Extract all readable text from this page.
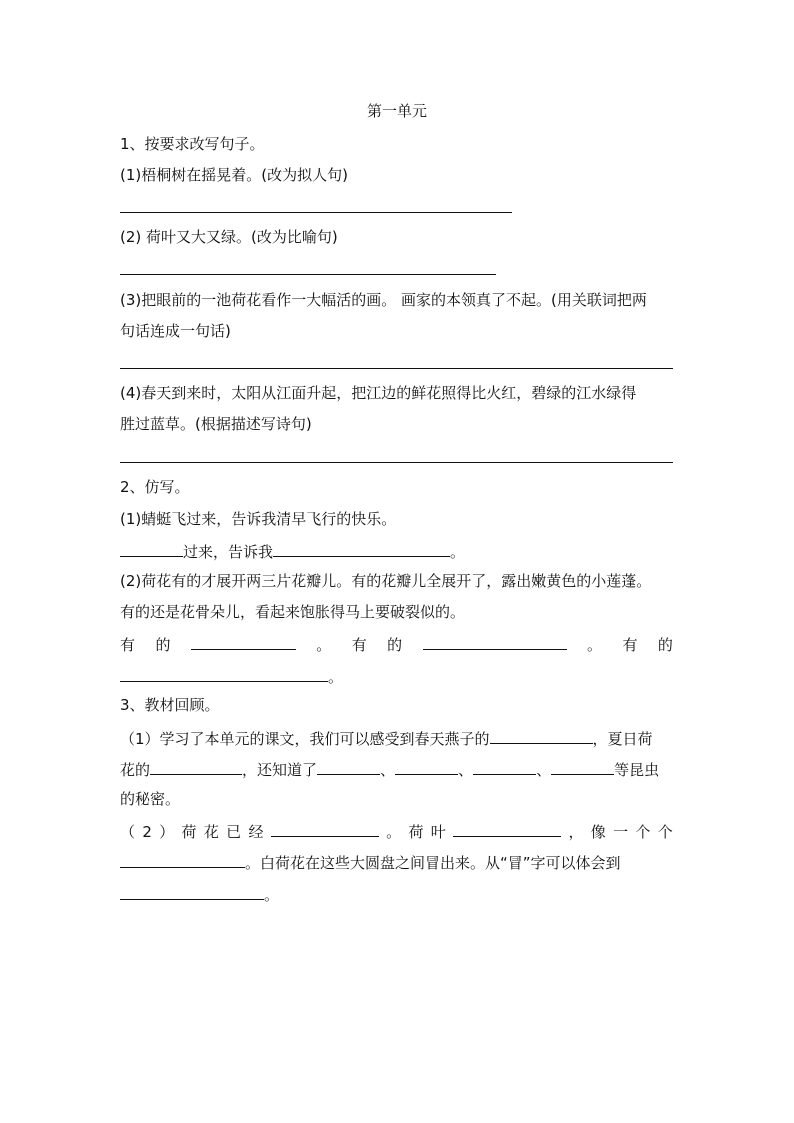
第一单元
1、按要求改写句子。
(1)梧桐树在摇晃着。(改为拟人句)
(2) 荷叶又大又绿。(改为比喻句)
(3)把眼前的一池荷花看作一大幅活的画。 画家的本领真了不起。(用关联词把两
句话连成一句话)
(4)春天到来时，太阳从江面升起，把江边的鲜花照得比火红，碧绿的江水绿得
胜过蓝草。(根据描述写诗句)
2、仿写。
(1)蜻蜓飞过来，告诉我清早飞行的快乐。
过来，告诉我	。
(2)荷花有的才展开两三片花瓣儿。有的花瓣儿全展开了，露出嫩黄色的小莲蓬。
有的还是花骨朵儿，看起来饱胀得马上要破裂似的。
有 的	。 有 的	。 有 的
。
3、教材回顾。
（1）学习了本单元的课文，我们可以感受到春天燕子的	，夏日荷
花的	，还知道了	、	、	、	等昆虫
的秘密。
（ 2 ） 荷 花 已 经	。 荷 叶	， 像 一 个 个
。白荷花在这些大圆盘之间冒出来。从“冒”字可以体会到
。
